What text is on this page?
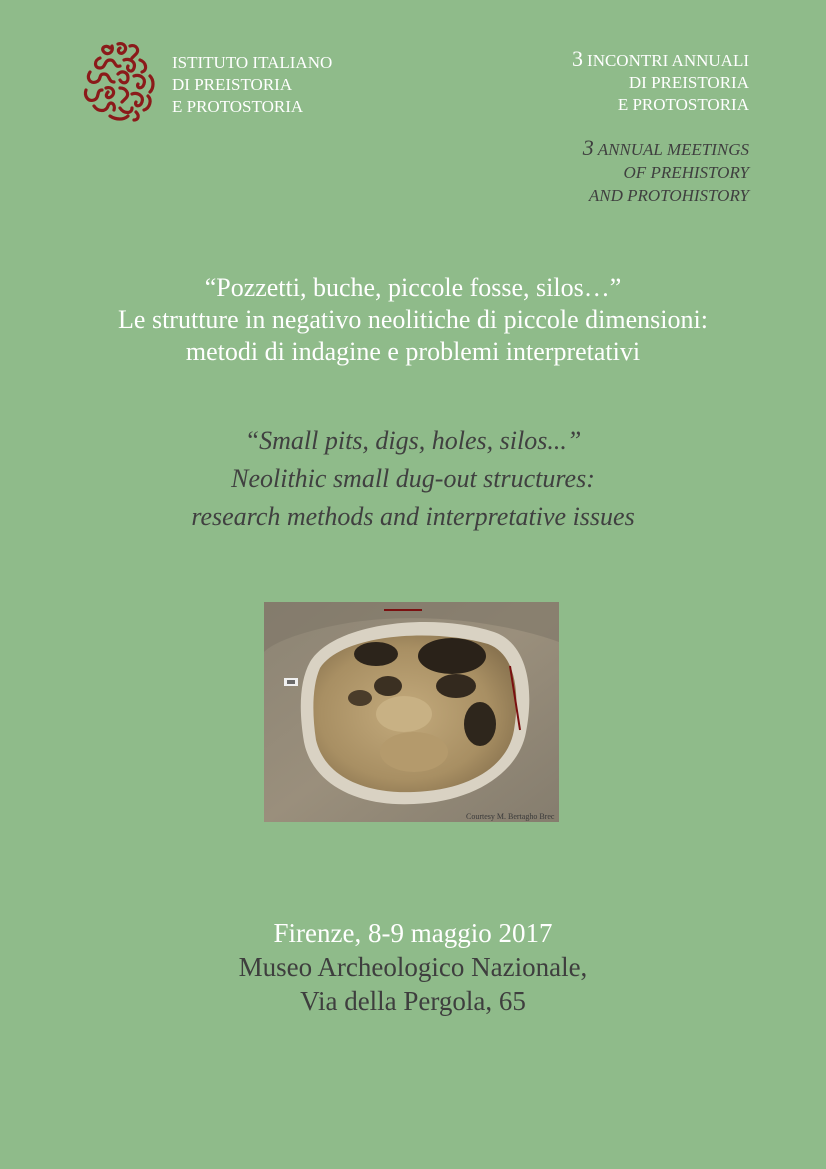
ISTITUTO ITALIANO
DI PREISTORIA
E PROTOSTORIA
3 INCONTRI ANNUALI
DI PREISTORIA
E PROTOSTORIA
3 ANNUAL MEETINGS
OF PREHISTORY
AND PROTOHISTORY
“Pozzetti, buche, piccole fosse, silos…”
Le strutture in negativo neolitiche di piccole dimensioni:
metodi di indagine e problemi interpretativi
“Small pits, digs, holes, silos...”
Neolithic small dug-out structures:
research methods and interpretative issues
Courtesy M. Bertagho Brec
Firenze, 8-9 maggio 2017
Museo Archeologico Nazionale,
Via della Pergola, 65
